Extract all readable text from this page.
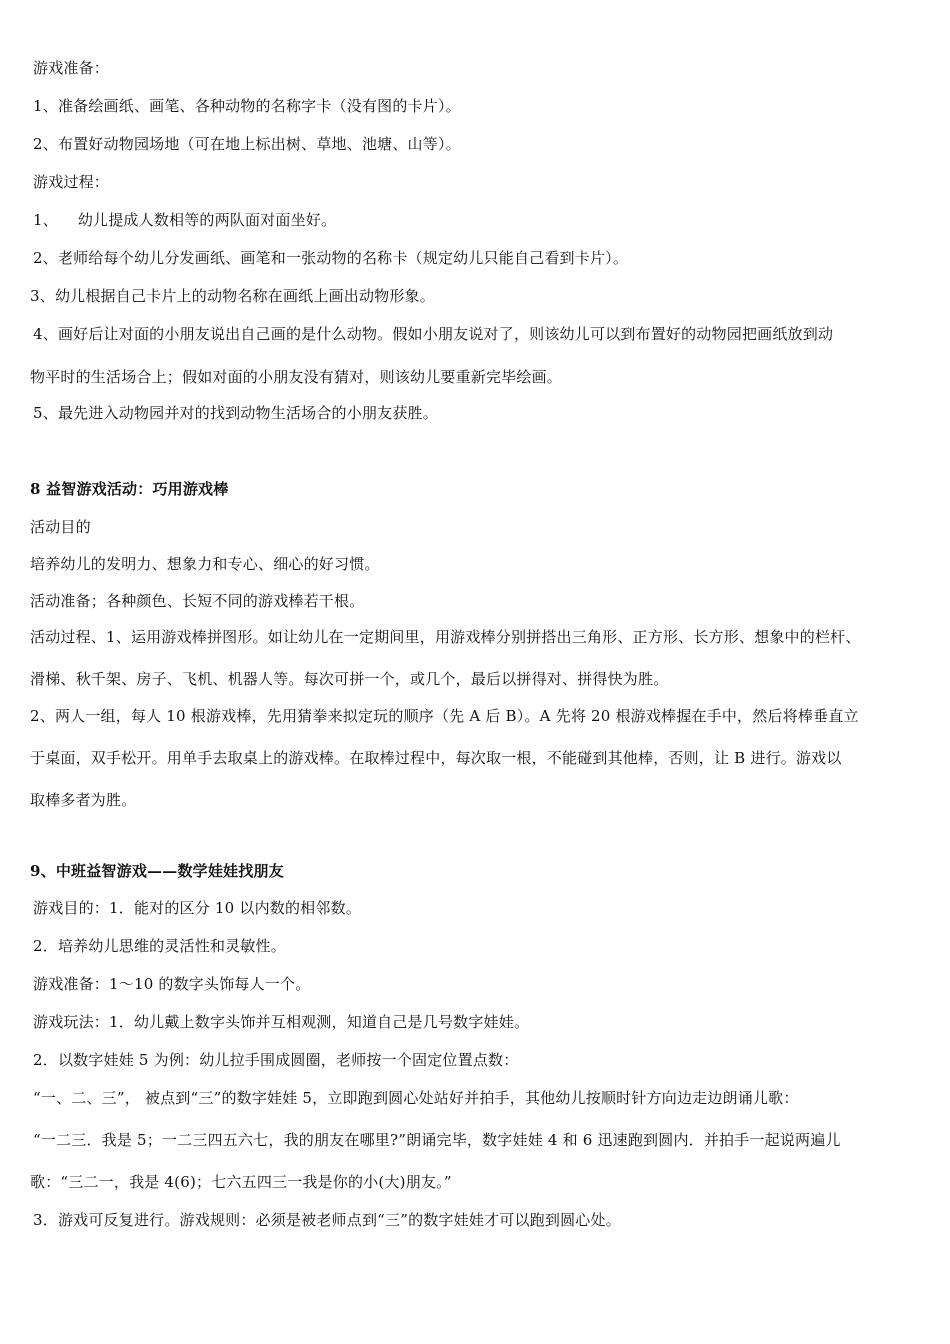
游戏准备：
1、准备绘画纸、画笔、各种动物的名称字卡（没有图的卡片）。
2、布置好动物园场地（可在地上标出树、草地、池塘、山等）。
游戏过程：
1、    幼儿提成人数相等的两队面对面坐好。
2、老师给每个幼儿分发画纸、画笔和一张动物的名称卡（规定幼儿只能自己看到卡片）。
3、幼儿根据自己卡片上的动物名称在画纸上画出动物形象。
4、画好后让对面的小朋友说出自己画的是什么动物。假如小朋友说对了，则该幼儿可以到布置好的动物园把画纸放到动
物平时的生活场合上；假如对面的小朋友没有猜对，则该幼儿要重新完毕绘画。
5、最先进入动物园并对的找到动物生活场合的小朋友获胜。
8 益智游戏活动：巧用游戏棒
活动目的
培养幼儿的发明力、想象力和专心、细心的好习惯。
活动准备；各种颜色、长短不同的游戏棒若干根。
活动过程、1、运用游戏棒拼图形。如让幼儿在一定期间里，用游戏棒分别拼搭出三角形、正方形、长方形、想象中的栏杆、
滑梯、秋千架、房子、飞机、机器人等。每次可拼一个，或几个，最后以拼得对、拼得快为胜。
2、两人一组，每人 10 根游戏棒，先用猜拳来拟定玩的顺序（先 A 后 B）。A 先将 20 根游戏棒握在手中，然后将棒垂直立
于桌面，双手松开。用单手去取桌上的游戏棒。在取棒过程中，每次取一根，不能碰到其他棒，否则，让 B 进行。游戏以
取棒多者为胜。
9、中班益智游戏——数学娃娃找朋友
游戏目的：1．能对的区分 10 以内数的相邻数。
2．培养幼儿思维的灵活性和灵敏性。
游戏准备：1～10 的数字头饰每人一个。
游戏玩法：1．幼儿戴上数字头饰并互相观测，知道自己是几号数字娃娃。
2．以数字娃娃 5 为例：幼儿拉手围成圆圈，老师按一个固定位置点数：
“一、二、三”， 被点到“三”的数字娃娃 5，立即跑到圆心处站好并拍手，其他幼儿按顺时针方向边走边朗诵儿歌：
“一二三．我是 5；一二三四五六七，我的朋友在哪里?”朗诵完毕，数字娃娃 4 和 6 迅速跑到圆内．并拍手一起说两遍儿
歌：“三二一，我是 4(6)；七六五四三一我是你的小(大)朋友。”
3．游戏可反复进行。游戏规则：必须是被老师点到“三”的数字娃娃才可以跑到圆心处。
